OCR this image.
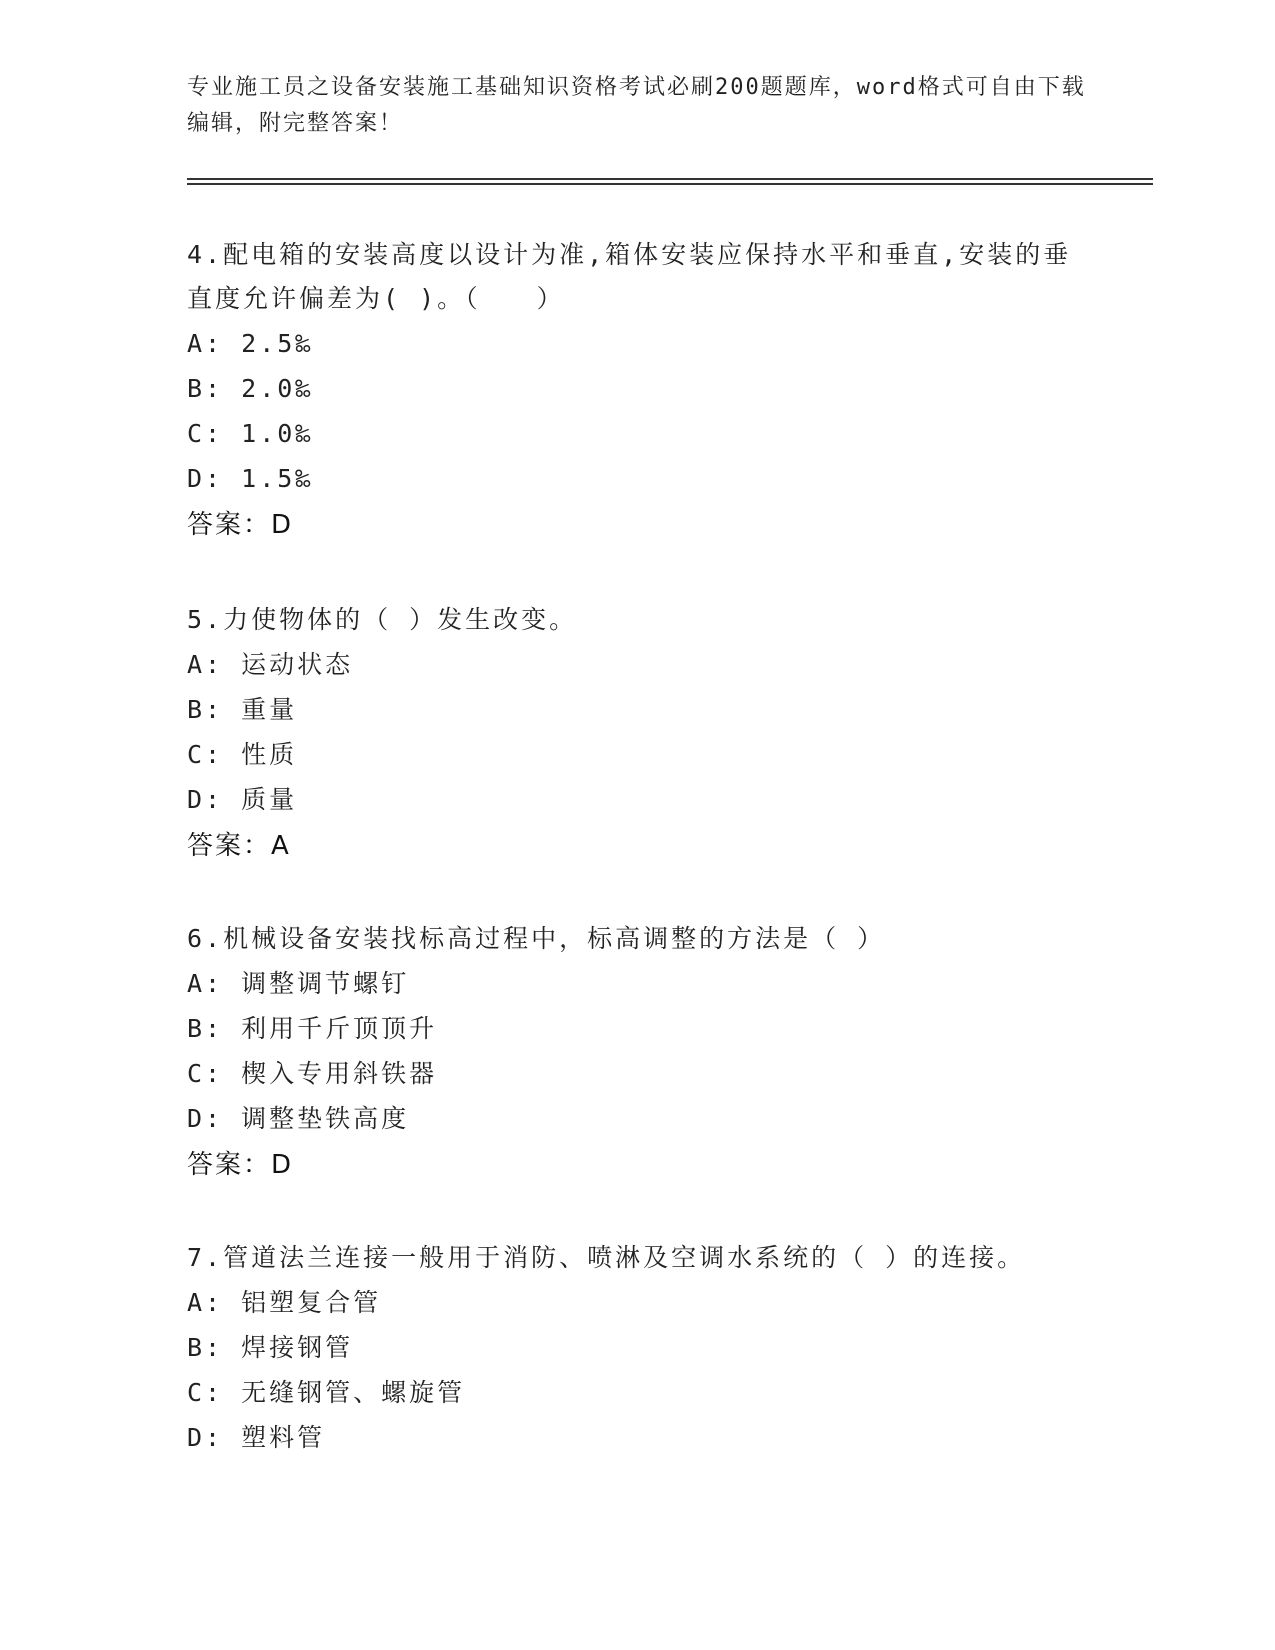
专业施工员之设备安装施工基础知识资格考试必刷200题题库，word格式可自由下载编辑，附完整答案！
4.配电箱的安装高度以设计为准,箱体安装应保持水平和垂直,安装的垂直度允许偏差为( )。（　　）
A: 2.5‰
B: 2.0‰
C: 1.0‰
D: 1.5‰
答案：D
5.力使物体的（ ）发生改变。
A: 运动状态
B: 重量
C: 性质
D: 质量
答案：A
6.机械设备安装找标高过程中，标高调整的方法是（ ）
A: 调整调节螺钉
B: 利用千斤顶顶升
C: 楔入专用斜铁器
D: 调整垫铁高度
答案：D
7.管道法兰连接一般用于消防、喷淋及空调水系统的（ ）的连接。
A: 铝塑复合管
B: 焊接钢管
C: 无缝钢管、螺旋管
D: 塑料管
